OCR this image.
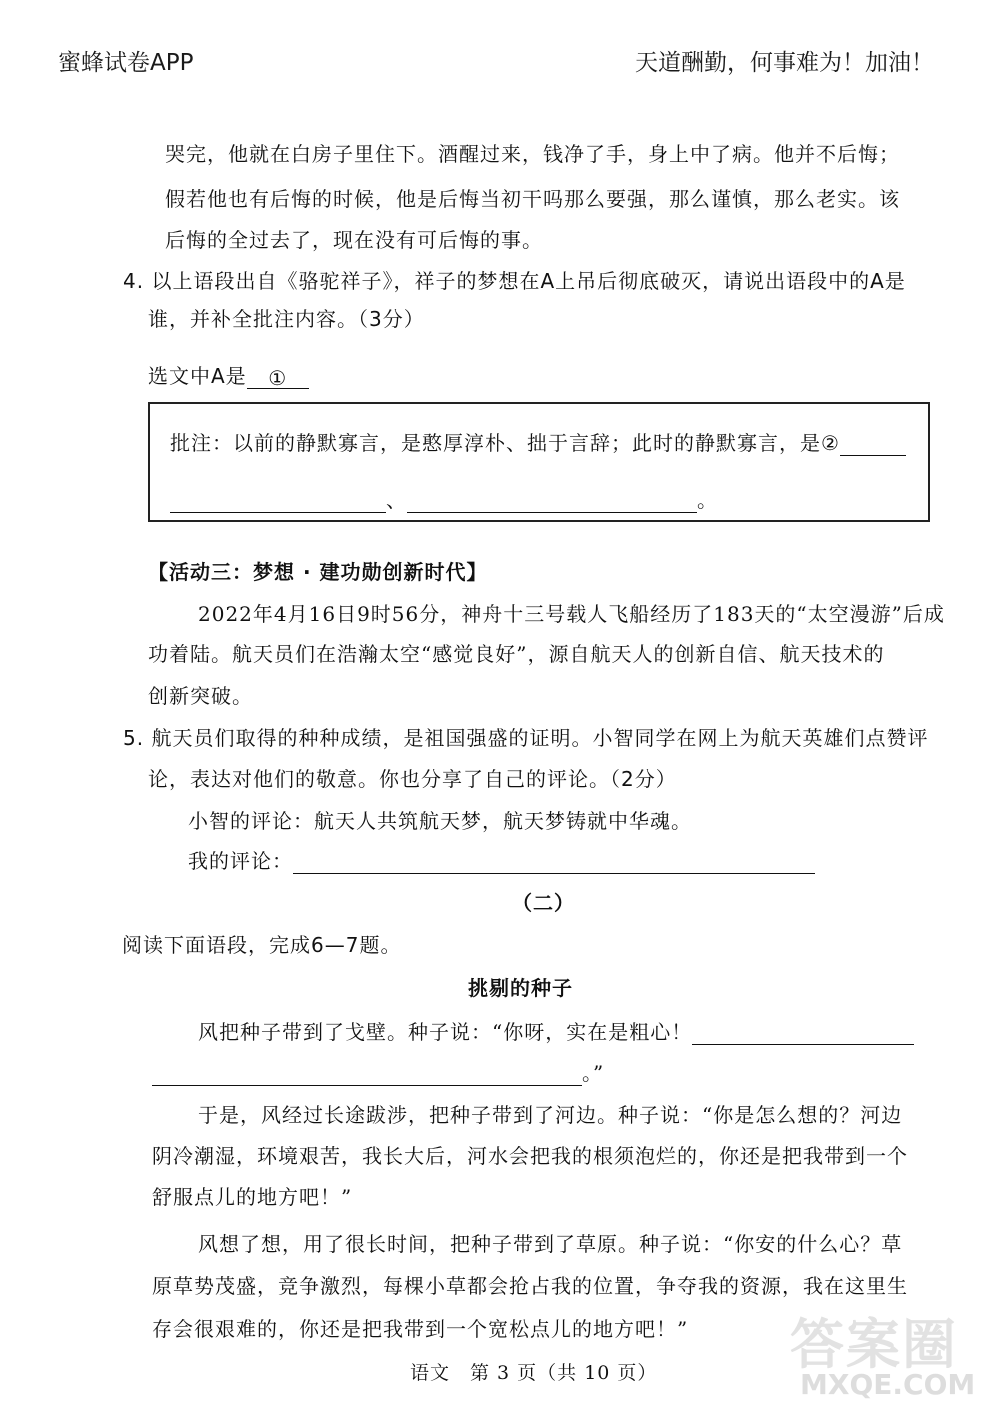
蜜蜂试卷APP	天道酬勤，何事难为！加油！
哭完，他就在白房子里住下。酒醒过来，钱净了手，身上中了病。他并不后悔；
假若他也有后悔的时候，他是后悔当初干吗那么要强，那么谨慎，那么老实。该
后悔的全过去了，现在没有可后悔的事。
4. 以上语段出自《骆驼祥子》，祥子的梦想在A上吊后彻底破灭，请说出语段中的A是
谁，并补全批注内容。（3分）
选文中A是 ①
批注：以前的静默寡言，是憨厚淳朴、拙于言辞；此时的静默寡言，是②
、	。
【活动三：梦想 · 建功勋创新时代】
2022年4月16日9时56分，神舟十三号载人飞船经历了183天的“太空漫游”后成
功着陆。航天员们在浩瀚太空“感觉良好”，源自航天人的创新自信、航天技术的
创新突破。
5. 航天员们取得的种种成绩，是祖国强盛的证明。小智同学在网上为航天英雄们点赞评
论，表达对他们的敬意。你也分享了自己的评论。（2分）
小智的评论：航天人共筑航天梦，航天梦铸就中华魂。
我的评论：
（二）
阅读下面语段，完成6—7题。
挑剔的种子
风把种子带到了戈壁。种子说：“你呀，实在是粗心！
。”
于是，风经过长途跋涉，把种子带到了河边。种子说：“你是怎么想的？河边
阴冷潮湿，环境艰苦，我长大后，河水会把我的根须泡烂的，你还是把我带到一个
舒服点儿的地方吧！”
风想了想，用了很长时间，把种子带到了草原。种子说：“你安的什么心？草
原草势茂盛，竞争激烈，每棵小草都会抢占我的位置，争夺我的资源，我在这里生
存会很艰难的，你还是把我带到一个宽松点儿的地方吧！”
语文　第 3 页（共 10 页） 答案圈
MXQE.COM
